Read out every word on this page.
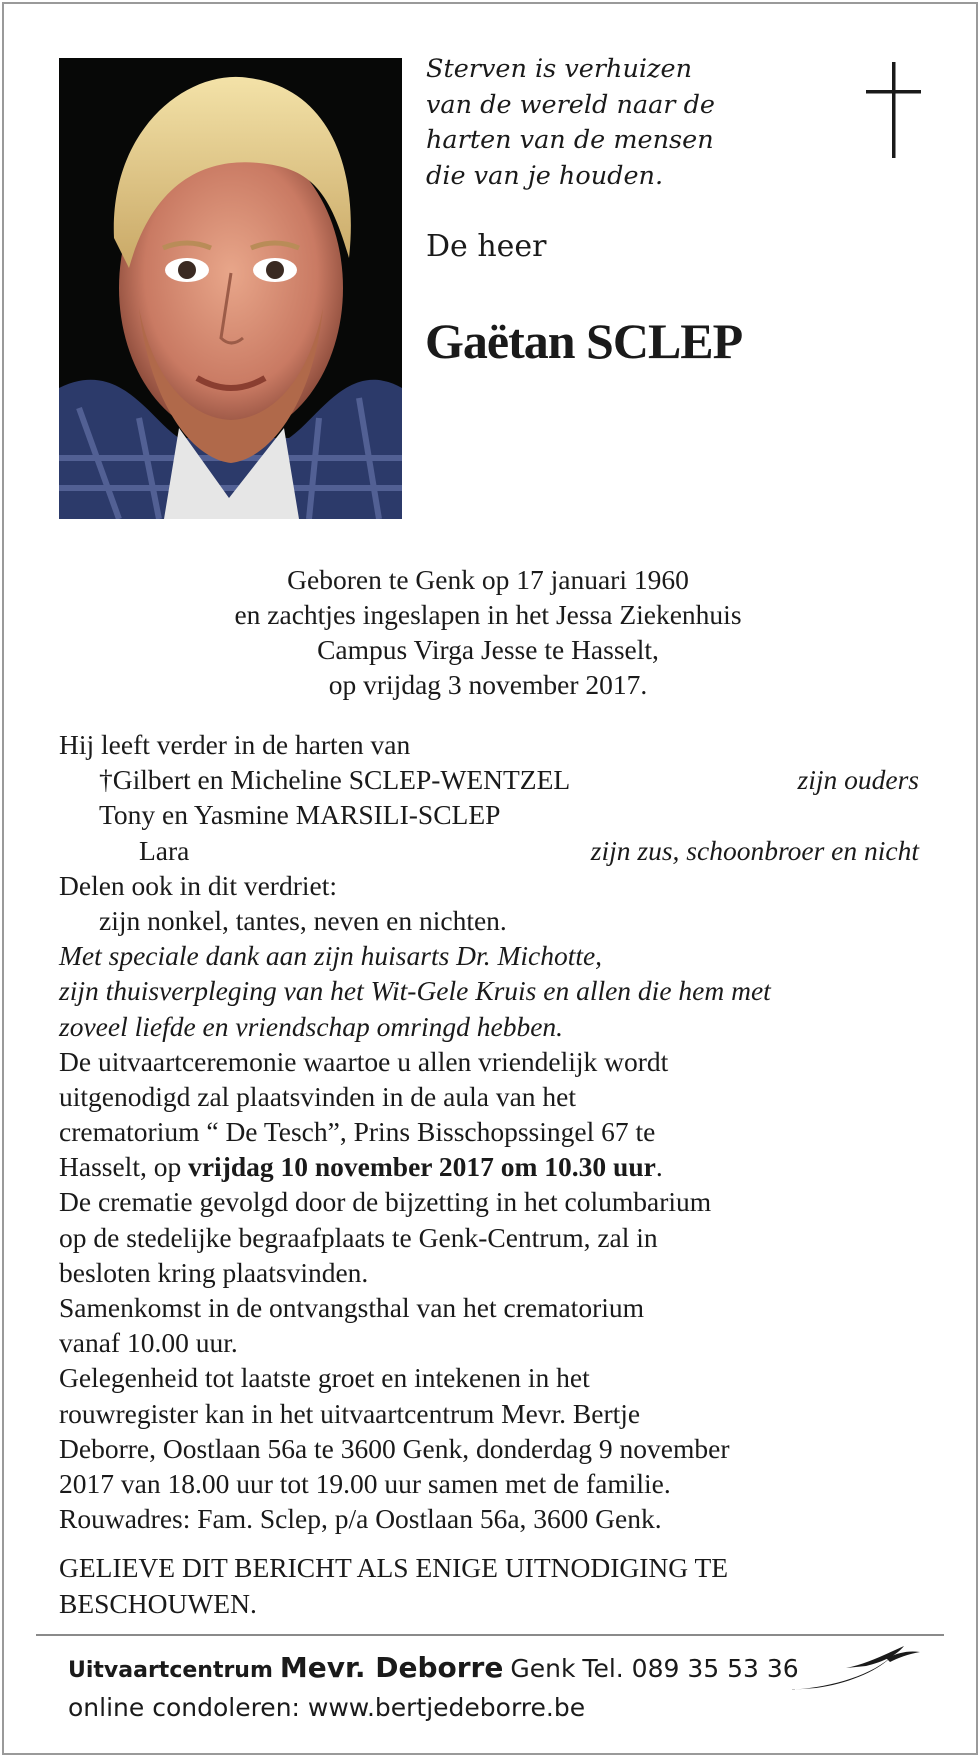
Sterven is verhuizen
van de wereld naar de
harten van de mensen
die van je houden.
De heer
Gaëtan SCLEP
Geboren te Genk op 17 januari 1960
en zachtjes ingeslapen in het Jessa Ziekenhuis
Campus Virga Jesse te Hasselt,
op vrijdag 3 november 2017.
Hij leeft verder in de harten van
†Gilbert en Micheline SCLEP-WENTZEL	zijn ouders
Tony en Yasmine MARSILI-SCLEP
Lara	zijn zus, schoonbroer en nicht
Delen ook in dit verdriet:
zijn nonkel, tantes, neven en nichten.
Met speciale dank aan zijn huisarts Dr. Michotte,
zijn thuisverpleging van het Wit-Gele Kruis en allen die hem met
zoveel liefde en vriendschap omringd hebben.
De uitvaartceremonie waartoe u allen vriendelijk wordt
uitgenodigd zal plaatsvinden in de aula van het
crematorium “ De Tesch”, Prins Bisschopssingel 67 te
Hasselt, op vrijdag 10 november 2017 om 10.30 uur.
De crematie gevolgd door de bijzetting in het columbarium
op de stedelijke begraafplaats te Genk-Centrum, zal in
besloten kring plaatsvinden.
Samenkomst in de ontvangsthal van het crematorium
vanaf 10.00 uur.
Gelegenheid tot laatste groet en intekenen in het
rouwregister kan in het uitvaartcentrum Mevr. Bertje
Deborre, Oostlaan 56a te 3600 Genk, donderdag 9 november
2017 van 18.00 uur tot 19.00 uur samen met de familie.
Rouwadres: Fam. Sclep, p/a Oostlaan 56a, 3600 Genk.
GELIEVE DIT BERICHT ALS ENIGE UITNODIGING TE
BESCHOUWEN.
Uitvaartcentrum Mevr. Deborre Genk Tel. 089 35 53 36
online condoleren: www.bertjedeborre.be
